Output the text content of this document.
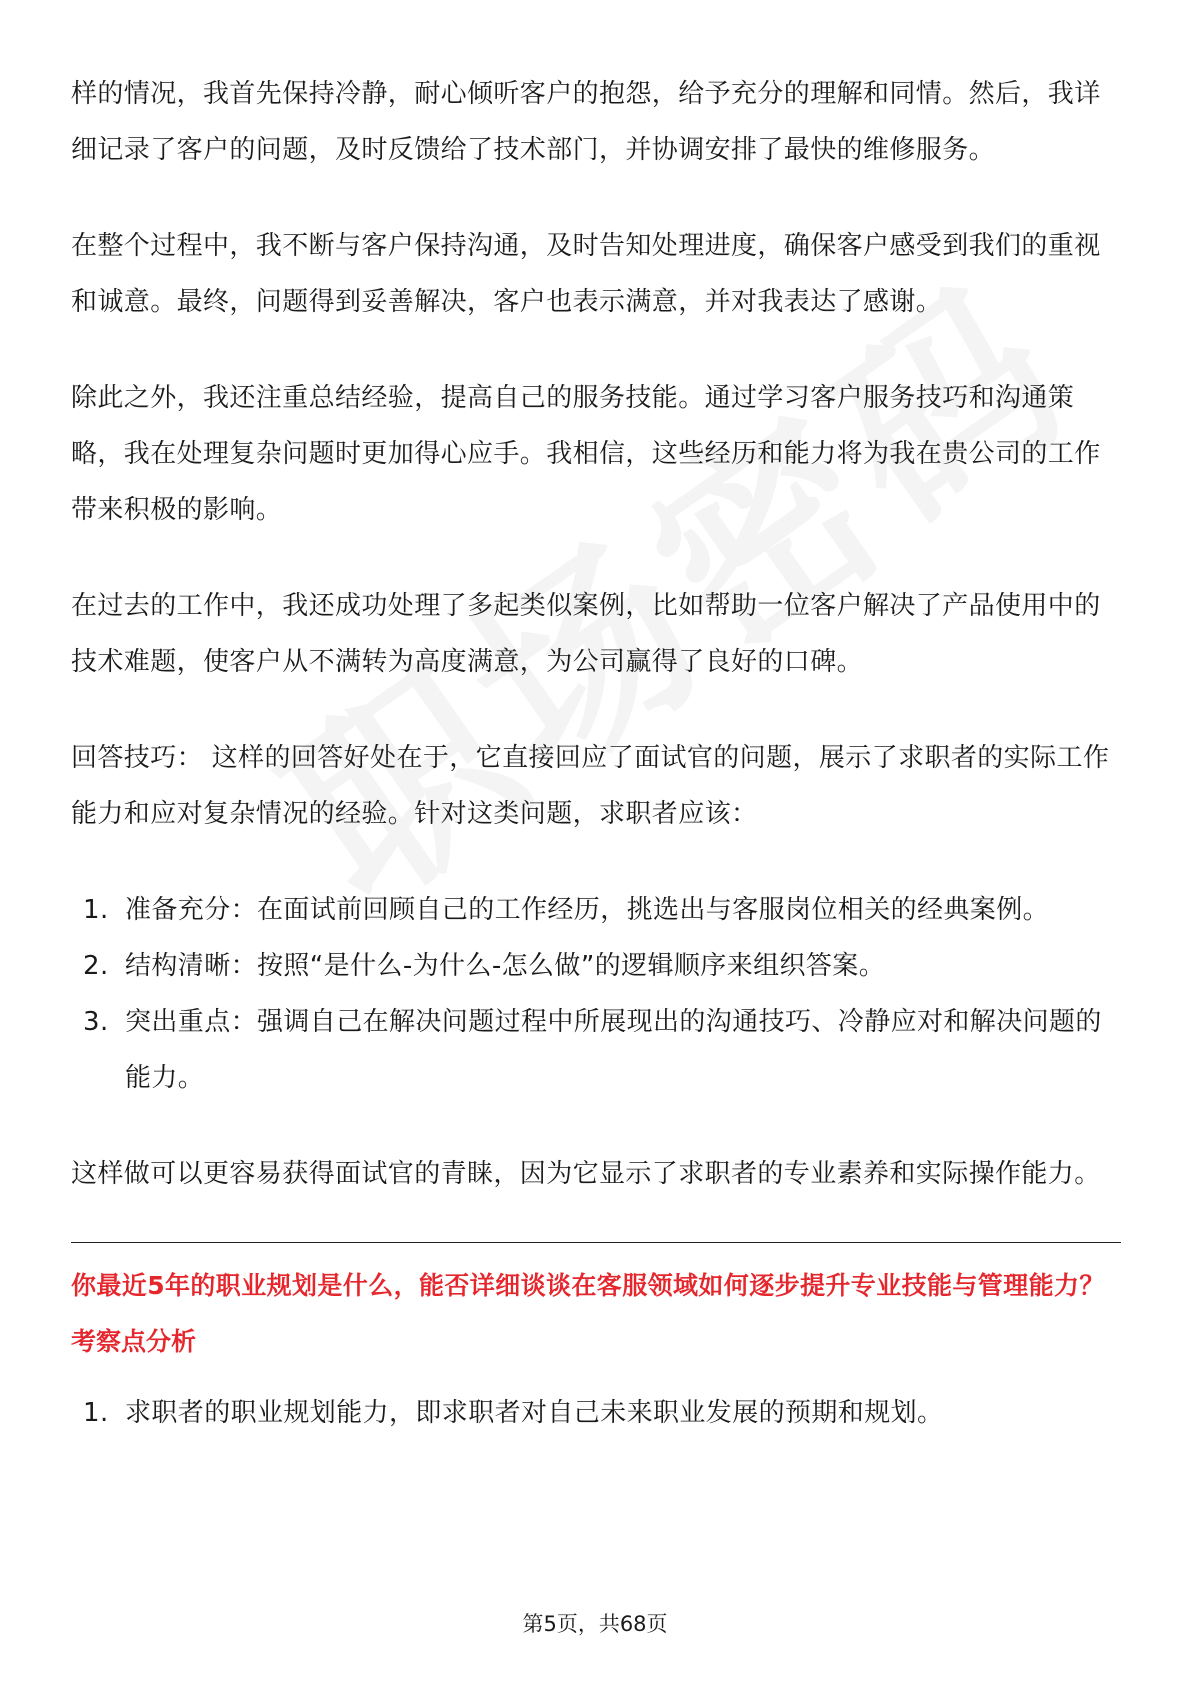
样的情况，我首先保持冷静，耐心倾听客户的抱怨，给予充分的理解和同情。然后，我详细记录了客户的问题，及时反馈给了技术部门，并协调安排了最快的维修服务。

在整个过程中，我不断与客户保持沟通，及时告知处理进度，确保客户感受到我们的重视和诚意。最终，问题得到妥善解决，客户也表示满意，并对我表达了感谢。

除此之外，我还注重总结经验，提高自己的服务技能。通过学习客户服务技巧和沟通策略，我在处理复杂问题时更加得心应手。我相信，这些经历和能力将为我在贵公司的工作带来积极的影响。

在过去的工作中，我还成功处理了多起类似案例，比如帮助一位客户解决了产品使用中的技术难题，使客户从不满转为高度满意，为公司赢得了良好的口碑。

回答技巧： 这样的回答好处在于，它直接回应了面试官的问题，展示了求职者的实际工作能力和应对复杂情况的经验。针对这类问题，求职者应该：

1. 准备充分：在面试前回顾自己的工作经历，挑选出与客服岗位相关的经典案例。
2. 结构清晰：按照“是什么-为什么-怎么做”的逻辑顺序来组织答案。
3. 突出重点：强调自己在解决问题过程中所展现出的沟通技巧、冷静应对和解决问题的能力。

这样做可以更容易获得面试官的青睐，因为它显示了求职者的专业素养和实际操作能力。

你最近5年的职业规划是什么，能否详细谈谈在客服领域如何逐步提升专业技能与管理能力？
考察点分析
1. 求职者的职业规划能力，即求职者对自己未来职业发展的预期和规划。
第5页，共68页
